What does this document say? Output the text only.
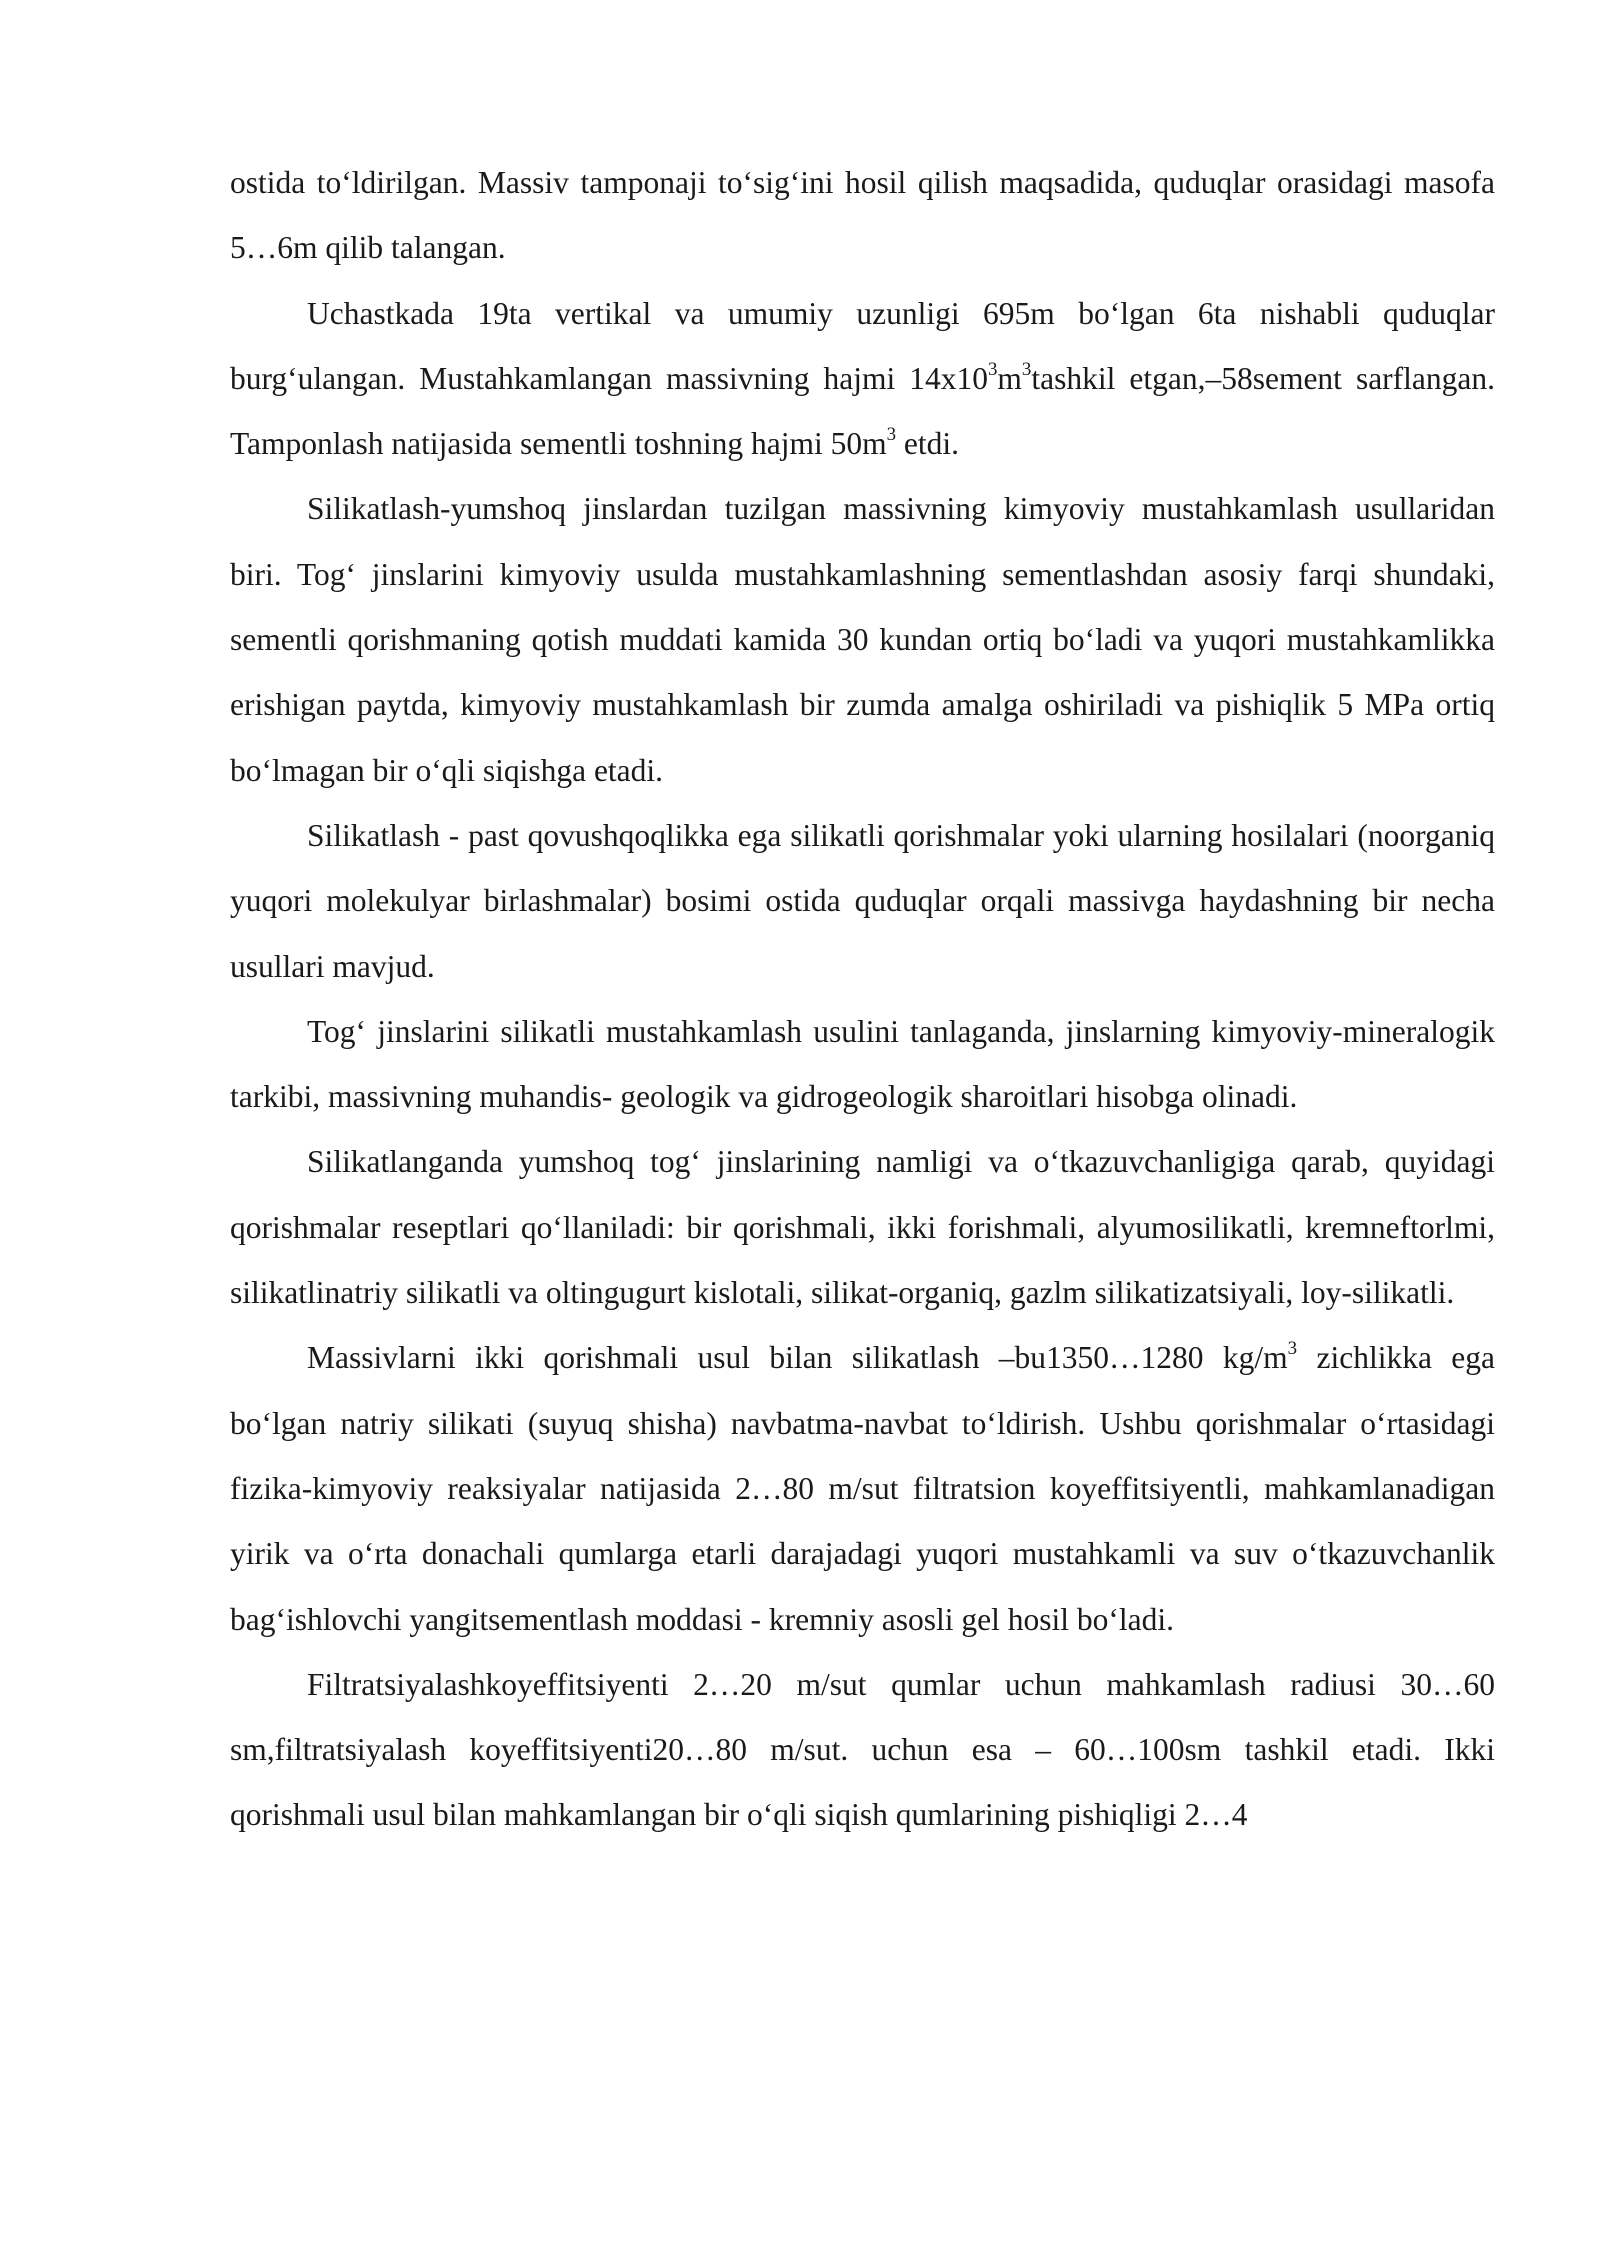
ostida to‘ldirilgan. Massiv tamponaji to‘sig‘ini hosil qilish maqsadida, quduqlar orasidagi masofa 5…6m qilib talangan.

Uchastkada 19ta vertikal va umumiy uzunligi 695m bo‘lgan 6ta nishabli quduqlar burg‘ulangan. Mustahkamlangan massivning hajmi $14x10^3m^3tashkil$ etgan,–58sement sarflangan. Tamponlash natijasida sementli toshning hajmi $50m^3$ etdi.

Silikatlash-yumshoq jinslardan tuzilgan massivning kimyoviy mustahkamlash usullaridan biri. Tog‘ jinslarini kimyoviy usulda mustahkamlashning sementlashdan asosiy farqi shundaki, sementli qorishmaning qotish muddati kamida 30 kundan ortiq bo‘ladi va yuqori mustahkamlikka erishigan paytda, kimyoviy mustahkamlash bir zumda amalga oshiriladi va pishiqlik 5 MPa ortiq bo‘lmagan bir o‘qli siqishga etadi.

Silikatlash - past qovushqoqlikka ega silikatli qorishmalar yoki ularning hosilalari (noorganiq yuqori molekulyar birlashmalar) bosimi ostida quduqlar orqali massivga haydashning bir necha usullari mavjud.

Tog‘ jinslarini silikatli mustahkamlash usulini tanlaganda, jinslarning kimyoviy-mineralogik tarkibi, massivning muhandis- geologik va gidrogeologik sharoitlari hisobga olinadi.

Silikatlanganda yumshoq tog‘ jinslarining namligi va o‘tkazuvchanligiga qarab, quyidagi qorishmalar reseptlari qo‘llaniladi: bir qorishmali, ikki forishmali, alyumosilikatli, kremneftorlmi, silikatlinatriy silikatli va oltingugurt kislotali, silikat-organiq, gazlm silikatizatsiyali, loy-silikatli.

Massivlarni ikki qorishmali usul bilan silikatlash –bu1350…1280 $kg/m^3$ zichlikka ega bo‘lgan natriy silikati (suyuq shisha) navbatma-navbat to‘ldirish. Ushbu qorishmalar o‘rtasidagi fizika-kimyoviy reaksiyalar natijasida 2…80 m/sut filtratsion koyeffitsiyentli, mahkamlanadigan yirik va o‘rta donachali qumlarga etarli darajadagi yuqori mustahkamli va suv o‘tkazuvchanlik bag‘ishlovchi yangitsementlash moddasi - kremniy asosli gel hosil bo‘ladi.

Filtratsiyalashkoyeffitsiyenti 2…20 m/sut qumlar uchun mahkamlash radiusi 30…60 sm,filtratsiyalash koyeffitsiyenti20…80 m/sut. uchun esa – 60…100sm tashkil etadi. Ikki qorishmali usul bilan mahkamlangan bir o‘qli siqish qumlarining pishiqligi 2…4
